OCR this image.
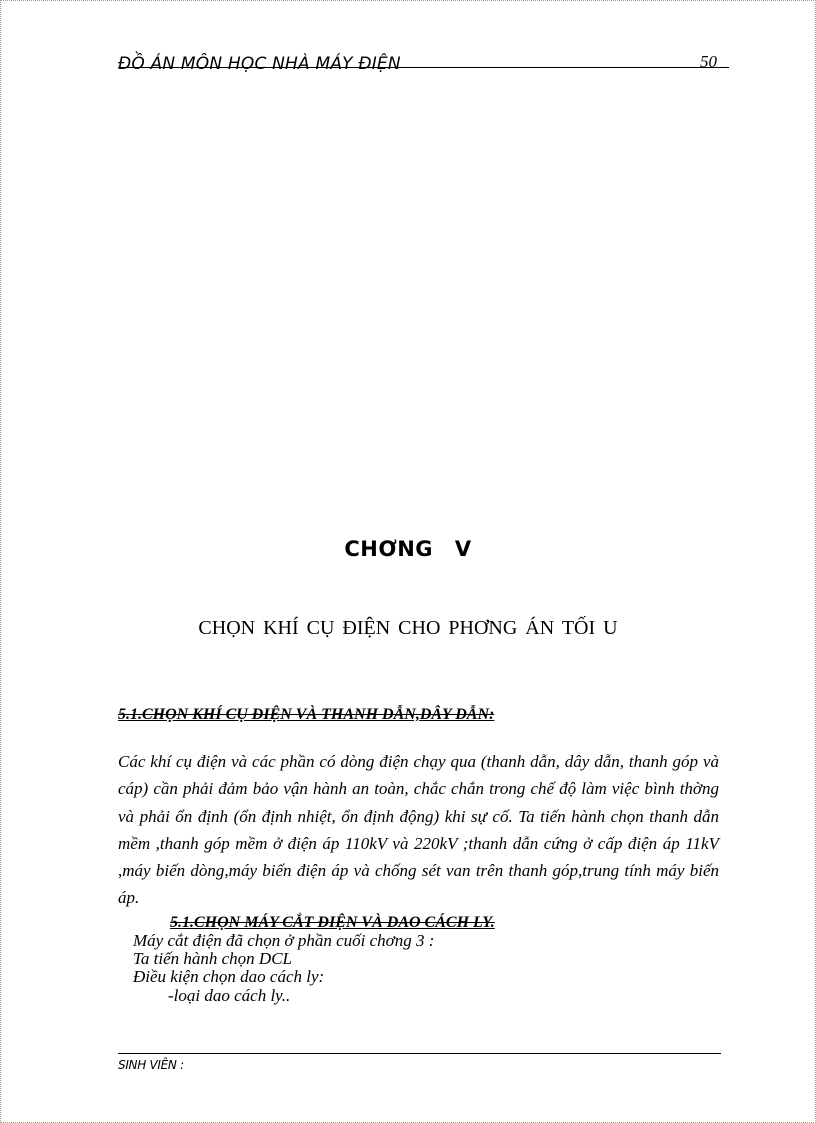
ĐỒ ÁN MÔN HỌC NHÀ MÁY ĐIỆN	50
CHƠNG V
CHỌN KHÍ CỤ ĐIỆN CHO PHƠNG ÁN TỐI U
5.1.CHỌN KHÍ CỤ ĐIỆN VÀ THANH DẪN,DÂY DẪN:
Các khí cụ điện và các phần có dòng điện chạy qua (thanh dẫn, dây dẫn, thanh góp và cáp) cần phải đảm bảo vận hành an toàn, chắc chắn trong chế độ làm việc bình thờng và phải ổn định (ổn định nhiệt, ổn định động) khi sự cố. Ta tiến hành chọn thanh dẫn mềm ,thanh góp mềm ở điện áp 110kV và 220kV ;thanh dẫn cứng ở cấp điện áp 11kV ,máy biến dòng,máy biến điện áp và chống sét van trên thanh góp,trung tính máy biến áp.
5.1.CHỌN MÁY CẮT ĐIỆN VÀ DAO CÁCH LY.
Máy cắt điện đã chọn ở phần cuối chơng 3 :
Ta tiến hành chọn DCL
Điều kiện chọn dao cách ly:
-loại dao cách ly..
SINH VIÊN :
